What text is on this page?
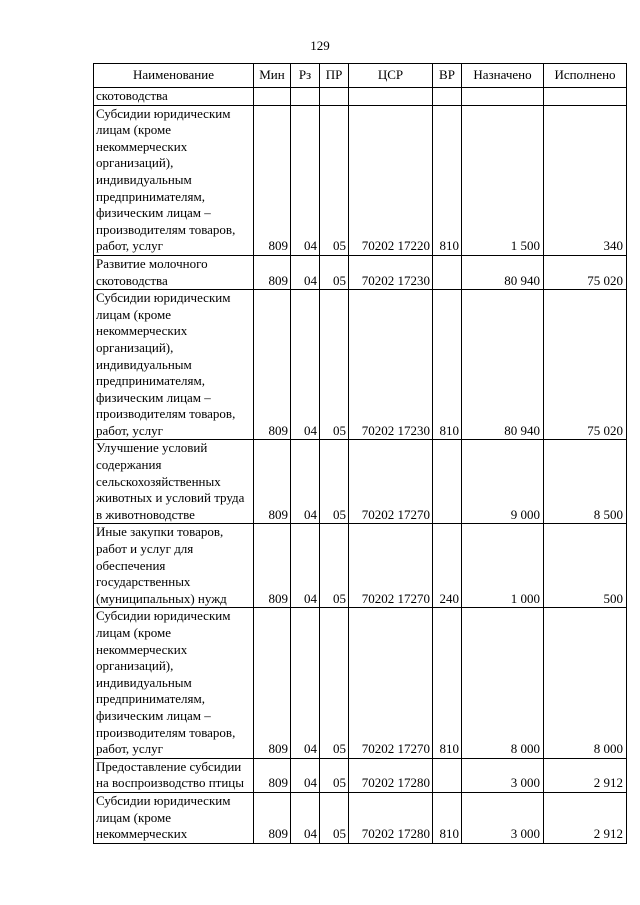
129
Наименование	Мин	Рз	ПР	ЦСР	ВР	Назначено	Исполнено
скотоводства							
Субсидии юридическим лицам (кроме некоммерческих организаций), индивидуальным предпринимателям, физическим лицам – производителям товаров, работ, услуг	809	04	05	70202 17220	810	1 500	340
Развитие молочного скотоводства	809	04	05	70202 17230		80 940	75 020
Субсидии юридическим лицам (кроме некоммерческих организаций), индивидуальным предпринимателям, физическим лицам – производителям товаров, работ, услуг	809	04	05	70202 17230	810	80 940	75 020
Улучшение условий содержания сельскохозяйственных животных и условий труда в животноводстве	809	04	05	70202 17270		9 000	8 500
Иные закупки товаров, работ и услуг для обеспечения государственных (муниципальных) нужд	809	04	05	70202 17270	240	1 000	500
Субсидии юридическим лицам (кроме некоммерческих организаций), индивидуальным предпринимателям, физическим лицам – производителям товаров, работ, услуг	809	04	05	70202 17270	810	8 000	8 000
Предоставление субсидии на воспроизводство птицы	809	04	05	70202 17280		3 000	2 912
Субсидии юридическим лицам (кроме некоммерческих	809	04	05	70202 17280	810	3 000	2 912
